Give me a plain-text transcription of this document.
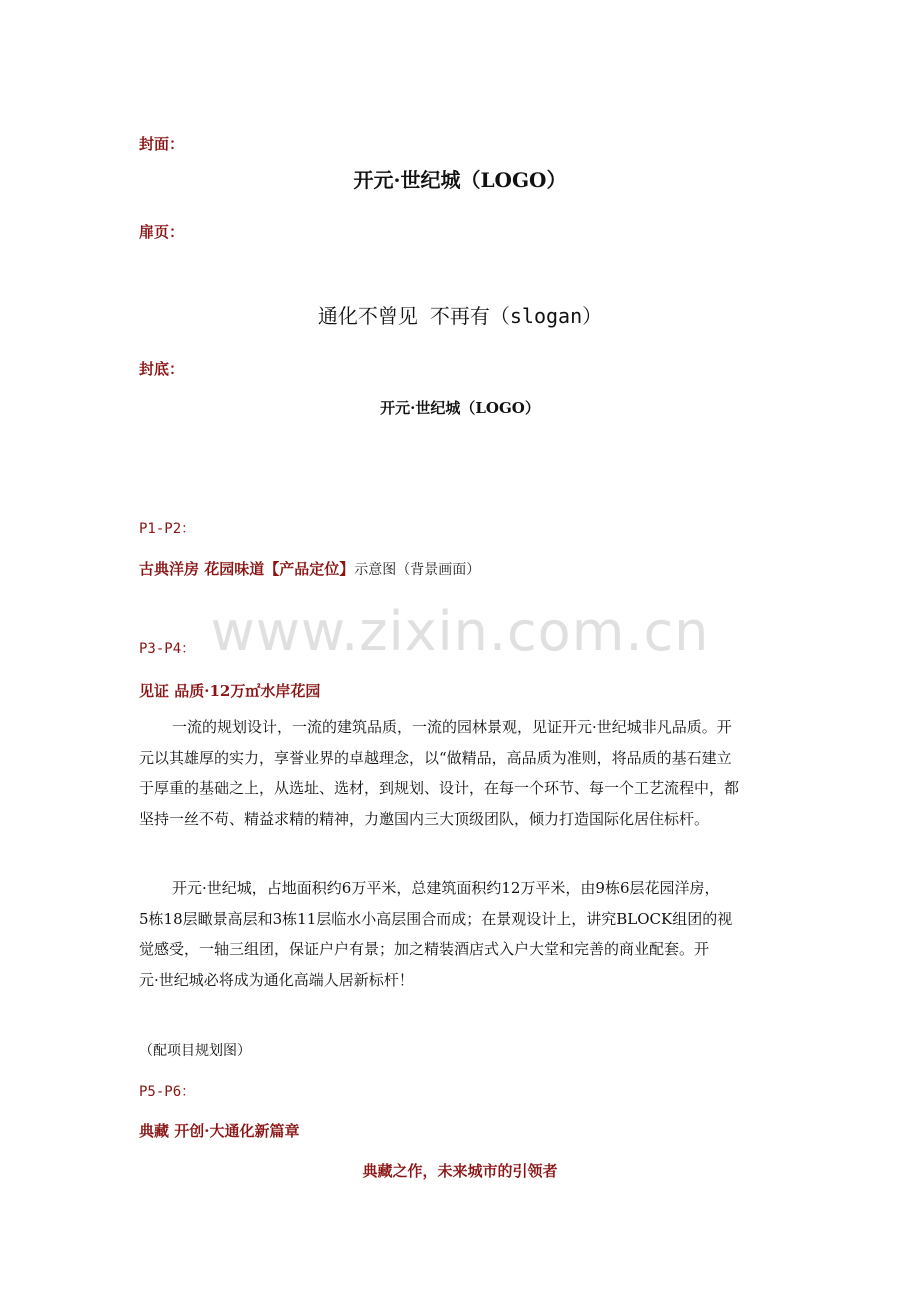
www.zixin.com.cn
封面：
开元·世纪城（LOGO）
扉页：
通化不曾见 不再有（slogan）
封底：
开元·世纪城（LOGO）
P1-P2：
古典洋房 花园味道【产品定位】示意图（背景画面）
P3-P4：
见证 品质·12万㎡水岸花园
一流的规划设计，一流的建筑品质，一流的园林景观，见证开元·世纪城非凡品质。开
元以其雄厚的实力，享誉业界的卓越理念，以“做精品，高品质为准则，将品质的基石建立
于厚重的基础之上，从选址、选材，到规划、设计，在每一个环节、每一个工艺流程中，都
坚持一丝不苟、精益求精的精神，力邀国内三大顶级团队，倾力打造国际化居住标杆。
开元·世纪城，占地面积约6万平米，总建筑面积约12万平米，由9栋6层花园洋房，
5栋18层瞰景高层和3栋11层临水小高层围合而成；在景观设计上，讲究BLOCK组团的视
觉感受，一轴三组团，保证户户有景；加之精装酒店式入户大堂和完善的商业配套。开
元·世纪城必将成为通化高端人居新标杆！
（配项目规划图）
P5-P6：
典藏 开创·大通化新篇章
典藏之作，未来城市的引领者
